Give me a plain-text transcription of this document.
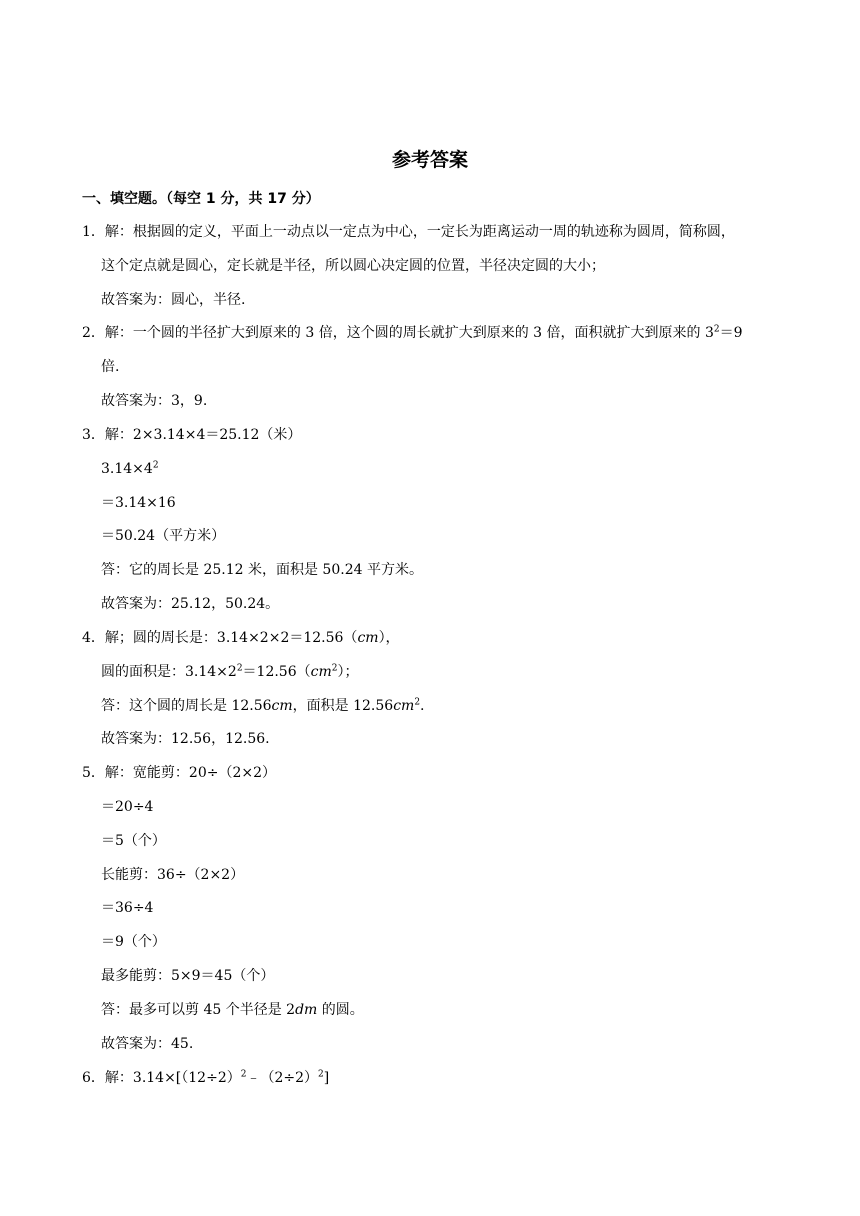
参考答案
一、填空题。（每空 1 分，共 17 分）
1．解：根据圆的定义，平面上一动点以一定点为中心，一定长为距离运动一周的轨迹称为圆周，简称圆，
这个定点就是圆心，定长就是半径，所以圆心决定圆的位置，半径决定圆的大小；
故答案为：圆心，半径.
2．解：一个圆的半径扩大到原来的 3 倍，这个圆的周长就扩大到原来的 3 倍，面积就扩大到原来的 $3^2=9$
倍.
故答案为：3，9.
3．解：2×3.14×4＝25.12（米）
$3.14\times 4^2$
＝3.14×16
＝50.24（平方米）
答：它的周长是 25.12 米，面积是 50.24 平方米。
故答案为：25.12，50.24。
4．解；圆的周长是：3.14×2×2＝12.56（cm），
圆的面积是：$3.14\times 2^2=12.56(cm^2)$；
答：这个圆的周长是 12.56cm，面积是 $12.56cm^2$.
故答案为：12.56，12.56.
5．解：宽能剪：20÷（2×2）
＝20÷4
＝5（个）
长能剪：36÷（2×2）
＝36÷4
＝9（个）
最多能剪：5×9＝45（个）
答：最多可以剪 45 个半径是 2dm 的圆。
故答案为：45.
6．解：$3.14\times[(12\div 2)^2﹣(2\div 2)^2]$
